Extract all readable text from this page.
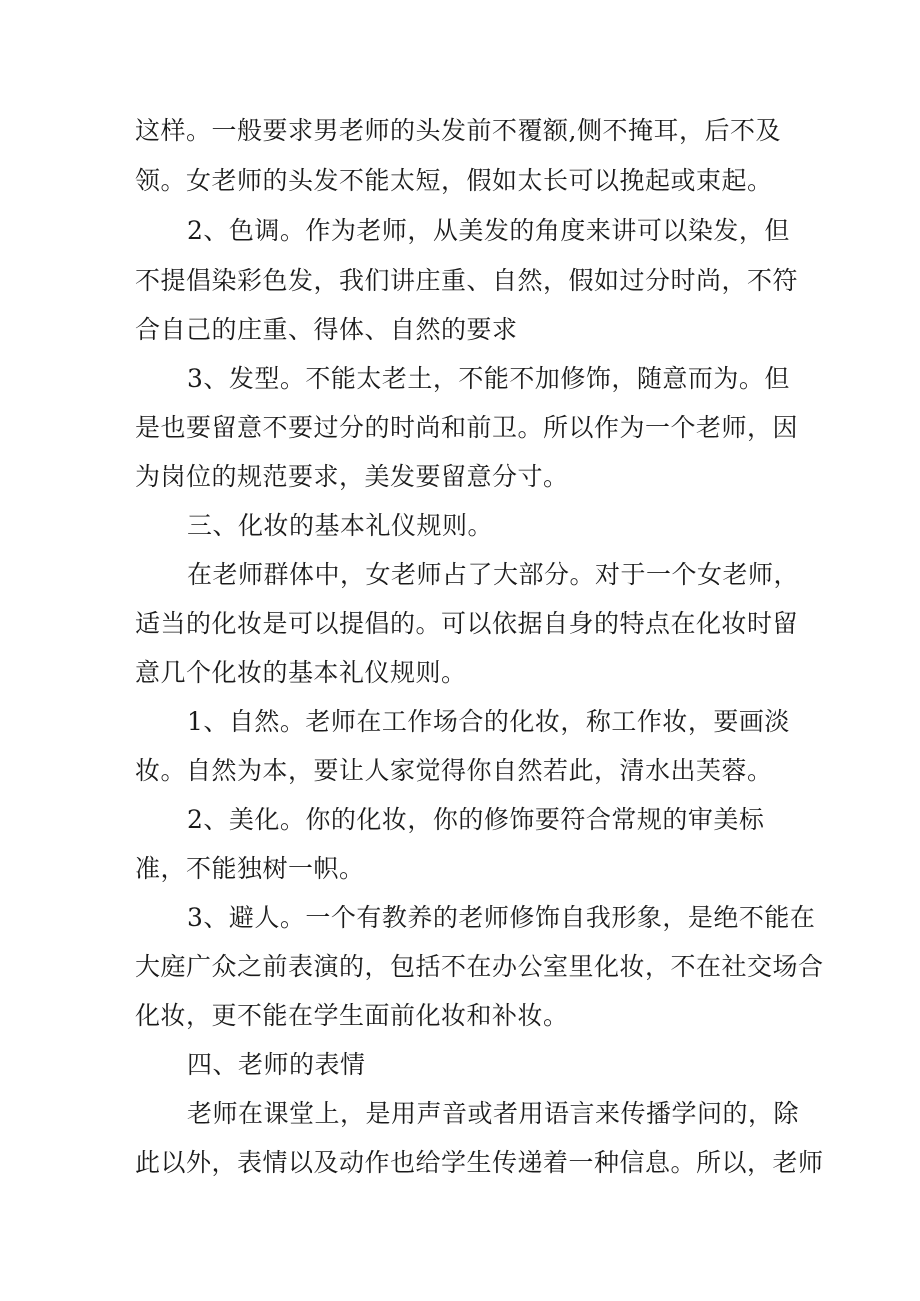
这样。一般要求男老师的头发前不覆额,侧不掩耳，后不及
领。女老师的头发不能太短，假如太长可以挽起或束起。
2、色调。作为老师，从美发的角度来讲可以染发，但
不提倡染彩色发，我们讲庄重、自然，假如过分时尚，不符
合自己的庄重、得体、自然的要求
3、发型。不能太老土，不能不加修饰，随意而为。但
是也要留意不要过分的时尚和前卫。所以作为一个老师，因
为岗位的规范要求，美发要留意分寸。
三、化妆的基本礼仪规则。
在老师群体中，女老师占了大部分。对于一个女老师，
适当的化妆是可以提倡的。可以依据自身的特点在化妆时留
意几个化妆的基本礼仪规则。
1、自然。老师在工作场合的化妆，称工作妆，要画淡
妆。自然为本，要让人家觉得你自然若此，清水出芙蓉。
2、美化。你的化妆，你的修饰要符合常规的审美标
准，不能独树一帜。
3、避人。一个有教养的老师修饰自我形象，是绝不能在
大庭广众之前表演的，包括不在办公室里化妆，不在社交场合
化妆，更不能在学生面前化妆和补妆。
四、老师的表情
老师在课堂上，是用声音或者用语言来传播学问的，除
此以外，表情以及动作也给学生传递着一种信息。所以，老师
